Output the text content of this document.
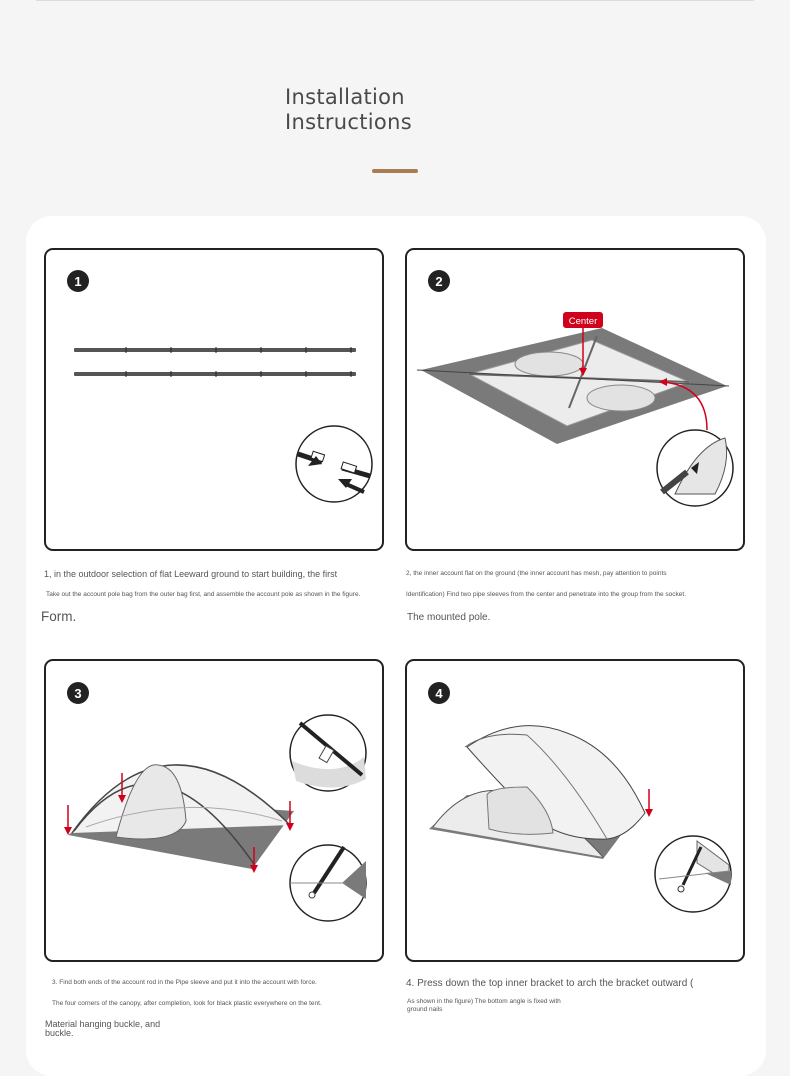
Installation
Instructions
1
1, in the outdoor selection of flat Leeward ground to start building, the first
Take out the account pole bag from the outer bag first, and assemble the account pole as shown in the figure.
Form.
2
Center
2, the inner account flat on the ground (the inner account has mesh, pay attention to points
Identification) Find two pipe sleeves from the center and penetrate into the group from the socket.
The mounted pole.
3
3. Find both ends of the account rod in the Pipe sleeve and put it into the account with force.
The four corners of the canopy, after completion, look for black plastic everywhere on the tent.
Material hanging buckle, and
buckle.
4
4. Press down the top inner bracket to arch the bracket outward (
As shown in the figure) The bottom angle is fixed with
ground nails
